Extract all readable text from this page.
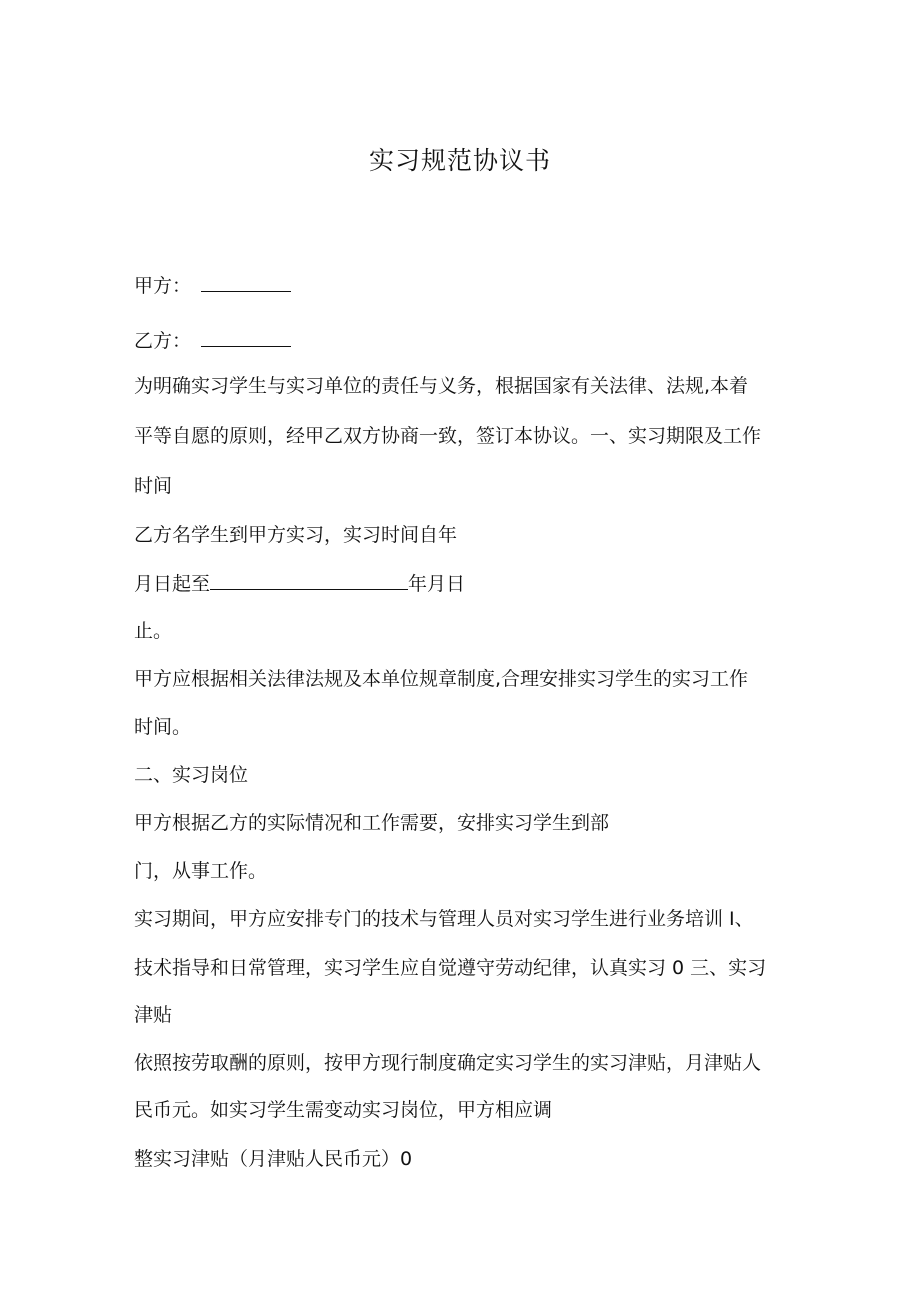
实习规范协议书
甲方：
乙方：
为明确实习学生与实习单位的责任与义务，根据国家有关法律、法规,本着
平等自愿的原则，经甲乙双方协商一致，签订本协议。一、实习期限及工作
时间
乙方名学生到甲方实习，实习时间自年
月日起至	年月日
止。
甲方应根据相关法律法规及本单位规章制度,合理安排实习学生的实习工作
时间。
二、实习岗位
甲方根据乙方的实际情况和工作需要，安排实习学生到部
门，从事工作。
实习期间，甲方应安排专门的技术与管理人员对实习学生进行业务培训 I、
技术指导和日常管理，实习学生应自觉遵守劳动纪律，认真实习 0 三、实习
津贴
依照按劳取酬的原则，按甲方现行制度确定实习学生的实习津贴，月津贴人
民币元。如实习学生需变动实习岗位，甲方相应调
整实习津贴（月津贴人民币元）0
